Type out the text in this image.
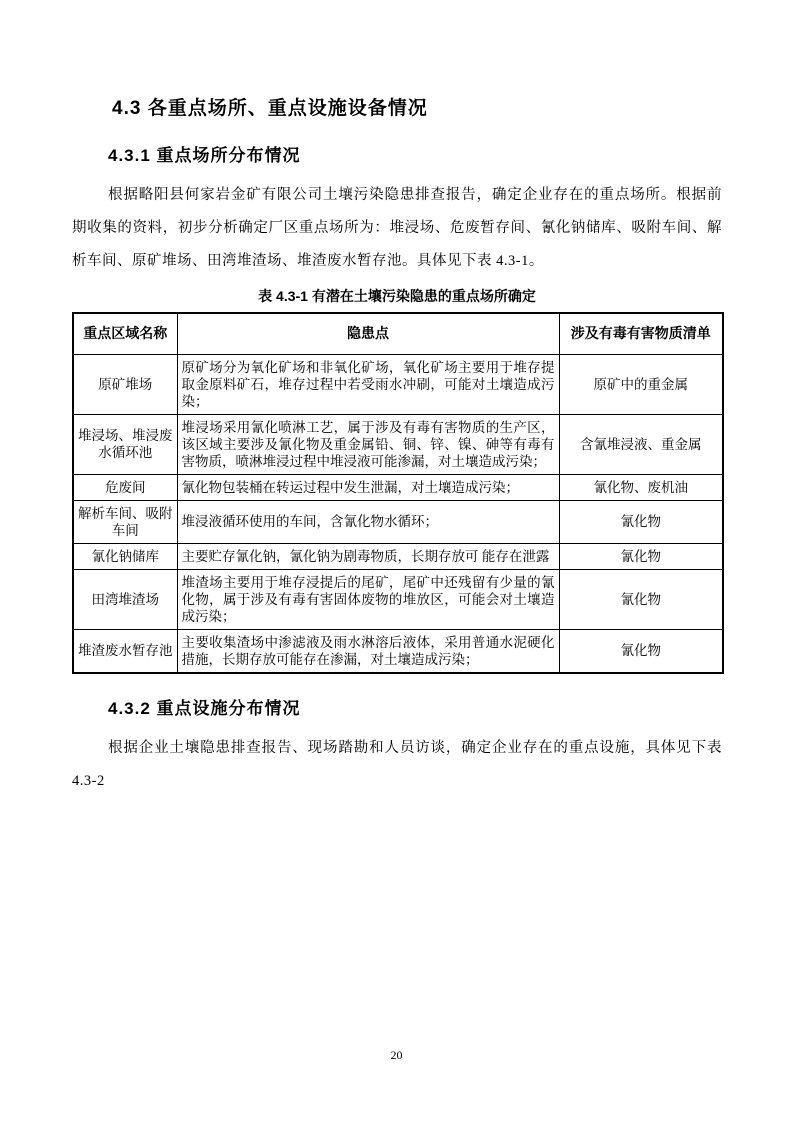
4.3 各重点场所、重点设施设备情况
4.3.1 重点场所分布情况

根据略阳县何家岩金矿有限公司土壤污染隐患排查报告，确定企业存在的重点场所。根据前期收集的资料，初步分析确定厂区重点场所为：堆浸场、危废暂存间、氰化钠储库、吸附车间、解析车间、原矿堆场、田湾堆渣场、堆渣废水暂存池。具体见下表 4.3-1。

表 4.3-1 有潜在土壤污染隐患的重点场所确定
重点区域名称	隐患点	涉及有毒有害物质清单
原矿堆场	原矿场分为氧化矿场和非氧化矿场，氧化矿场主要用于堆存提取金原料矿石，堆存过程中若受雨水冲刷，可能对土壤造成污染；	原矿中的重金属
堆浸场、堆浸废水循环池	堆浸场采用氰化喷淋工艺，属于涉及有毒有害物质的生产区，该区域主要涉及氰化物及重金属铅、铜、锌、镍、砷等有毒有害物质，喷淋堆浸过程中堆浸液可能渗漏，对土壤造成污染；	含氰堆浸液、重金属
危废间	氰化物包装桶在转运过程中发生泄漏，对土壤造成污染；	氰化物、废机油
解析车间、吸附车间	堆浸液循环使用的车间，含氰化物水循环；	氰化物
氰化钠储库	主要贮存氰化钠，氰化钠为剧毒物质，长期存放可 能存在泄露	氰化物
田湾堆渣场	堆渣场主要用于堆存浸提后的尾矿，尾矿中还残留有少量的氰化物，属于涉及有毒有害固体废物的堆放区，可能会对土壤造成污染；	氰化物
堆渣废水暂存池	主要收集渣场中渗滤液及雨水淋溶后液体，采用普通水泥硬化措施，长期存放可能存在渗漏，对土壤造成污染；	氰化物
4.3.2 重点设施分布情况

根据企业土壤隐患排查报告、现场踏勘和人员访谈，确定企业存在的重点设施，具体见下表 4.3-2

20
